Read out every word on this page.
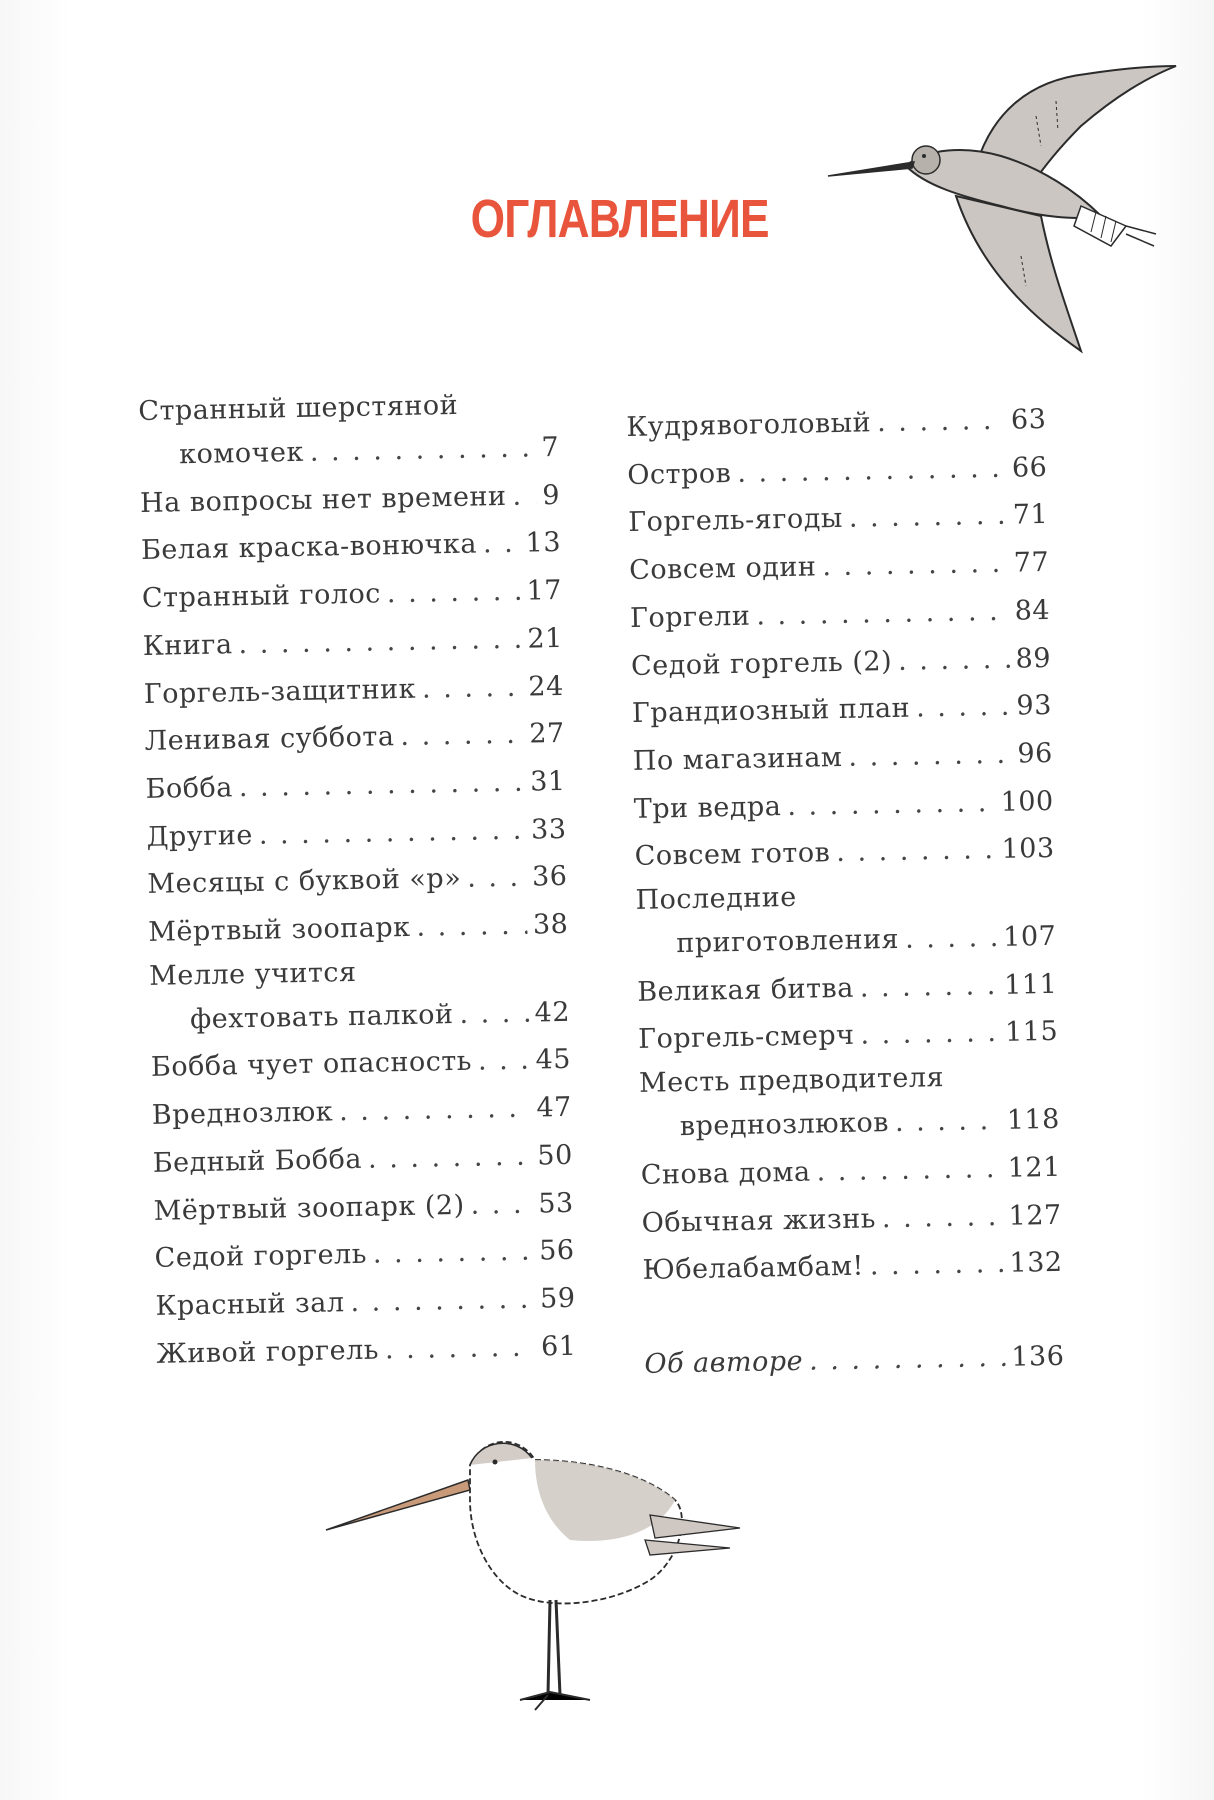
ОГЛАВЛЕНИЕ
Странный шерстяной
комочек . . .	7
На вопросы нет времени . . . 9
Белая краска-вонючка . . . 13
Странный голос . . .	17
Книга . . .	21
Горгель-защитник . . .	24
Ленивая суббота . . .	27
Бобба . . .	31
Другие . . .	33
Месяцы с буквой «р» . . .	36
Мёртвый зоопарк . . .	38
Мелле учится
фехтовать палкой . . .	42
Бобба чует опасность . . . 45
Вреднозлюк . . .	47
Бедный Бобба . . .	50
Мёртвый зоопарк (2) . . .	53
Седой горгель . . .	56
Красный зал . . .	59
Живой горгель . . .	61
Кудрявоголовый . . .	63
Остров . . .	66
Горгель-ягоды . . .	71
Совсем один . . .	77
Горгели . . .	84
Седой горгель (2) . . .	89
Грандиозный план . . .	93
По магазинам . . .	96
Три ведра . . .	100
Совсем готов . . .	103
Последние
приготовления . . .	107
Великая битва . . .	111
Горгель-смерч . . .	115
Месть предводителя
вреднозлюков . . .	118
Снова дома . . .	121
Обычная жизнь . . .	127
Юбелабамбам! . . .	132
Об авторе . . .	136
